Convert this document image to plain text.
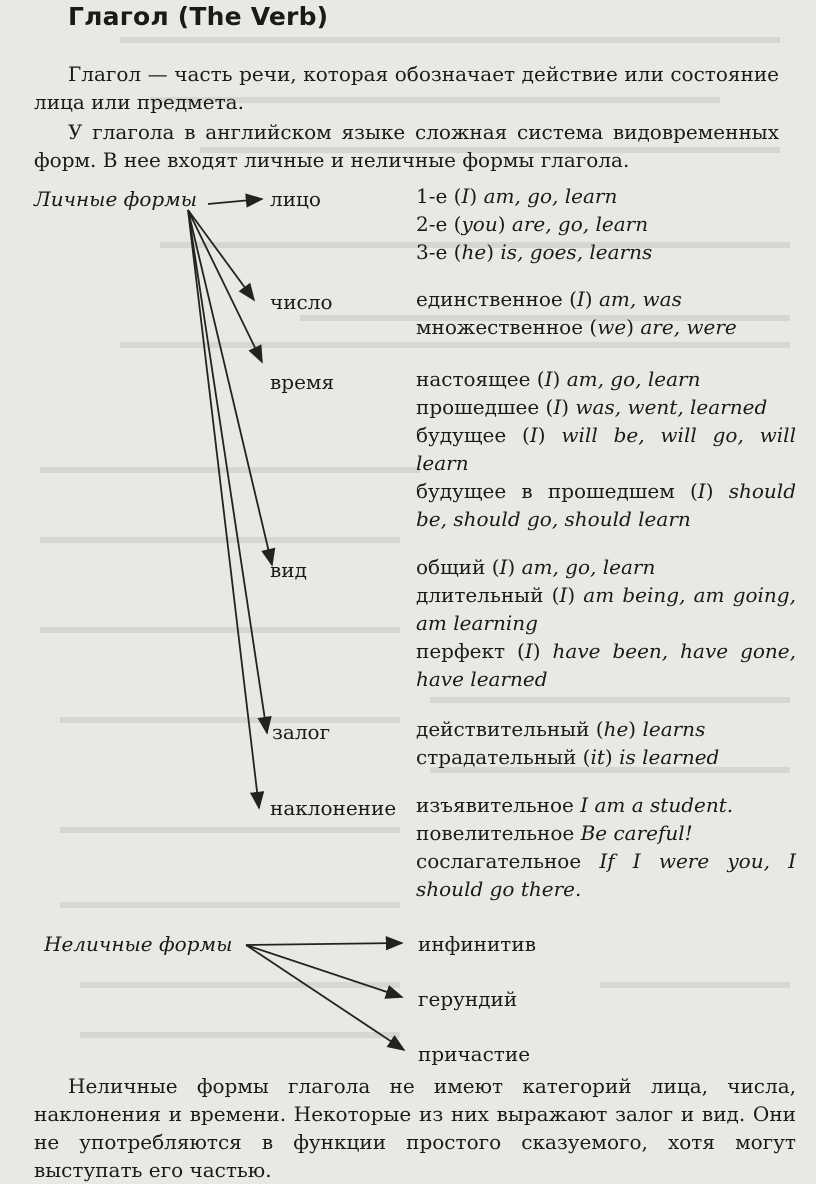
Глагол (The Verb)

Глагол — часть речи, которая обозначает действие или состояние лица или предмета.

У глагола в английском языке сложная система видовременных форм. В нее входят личные и неличные формы глагола.

Личные формы	лицо
число
время
вид
залог
наклонение
1-е (I) am, go, learn
2-е (you) are, go, learn
3-е (he) is, goes, learns
единственное (I) am, was
множественное (we) are, were
настоящее (I) am, go, learn
прошедшее (I) was, went, learned
будущее (I) will be, will go, will learn
будущее в прошедшем (I) should be, should go, should learn
общий (I) am, go, learn
длительный (I) am being, am going, am learning
перфект (I) have been, have gone, have learned
действительный (he) learns
страдательный (it) is learned
изъявительное I am a student.
повелительное Be careful!
сослагательное If I were you, I should go there.
Неличные формы	инфинитив
герундий
причастие

Неличные формы глагола не имеют категорий лица, числа, наклонения и времени. Некоторые из них выражают залог и вид. Они не употребляются в функции простого сказуемого, хотя могут выступать его частью.
